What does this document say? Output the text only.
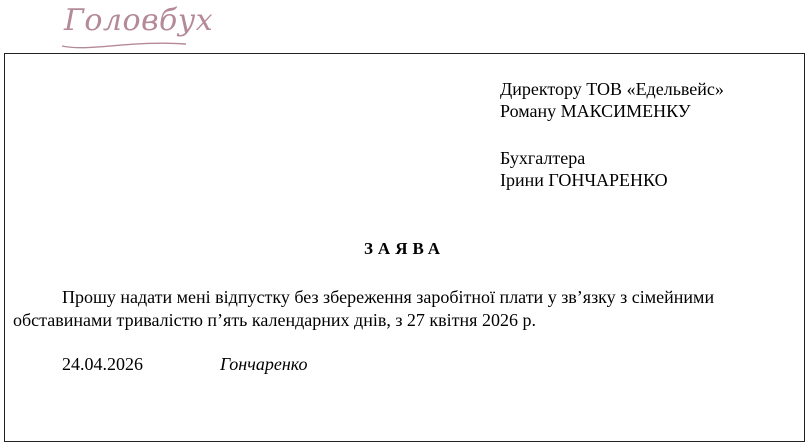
Головбух
Директору ТОВ «Едельвейс»
Роману МАКСИМЕНКУ
Бухгалтера
Ірини ГОНЧАРЕНКО
ЗАЯВА
Прошу надати мені відпустку без збереження заробітної плати у зв’язку з сімейними обставинами тривалістю п’ять календарних днів, з 27 квітня 2026 р.
24.04.2026	Гончаренко
